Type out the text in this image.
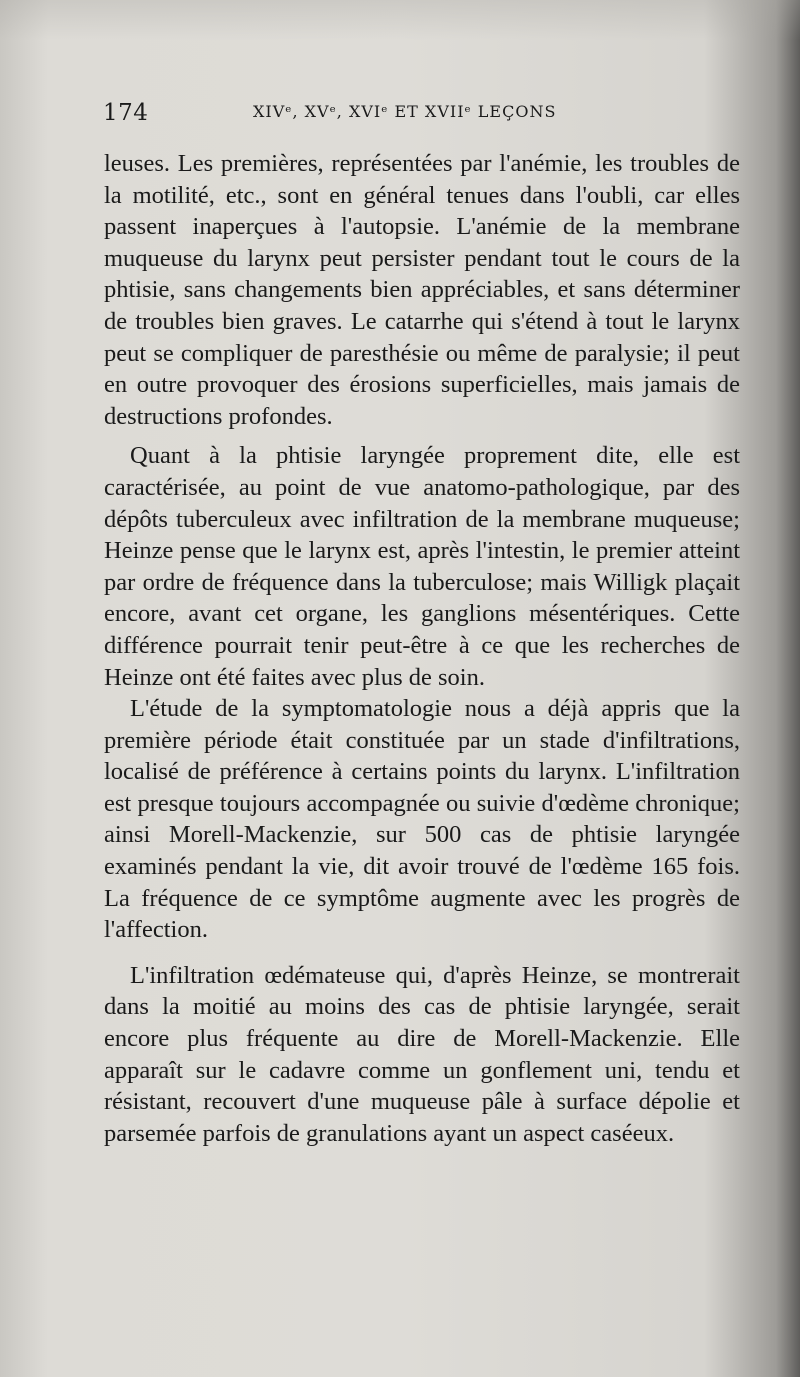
174	XIVᵉ, XVᵉ, XVIᵉ ET XVIIᵉ LEÇONS

leuses. Les premières, représentées par l'anémie, les troubles de la motilité, etc., sont en général tenues dans l'oubli, car elles passent inaperçues à l'autopsie. L'anémie de la membrane muqueuse du larynx peut persister pendant tout le cours de la phtisie, sans changements bien appréciables, et sans déterminer de troubles bien graves. Le catarrhe qui s'étend à tout le larynx peut se compliquer de paresthésie ou même de paralysie; il peut en outre provoquer des érosions superficielles, mais jamais de destructions profondes.

Quant à la phtisie laryngée proprement dite, elle est caractérisée, au point de vue anatomo-pathologique, par des dépôts tuberculeux avec infiltration de la membrane muqueuse; Heinze pense que le larynx est, après l'intestin, le premier atteint par ordre de fréquence dans la tuberculose; mais Willigk plaçait encore, avant cet organe, les ganglions mésentériques. Cette différence pourrait tenir peut-être à ce que les recherches de Heinze ont été faites avec plus de soin.

L'étude de la symptomatologie nous a déjà appris que la première période était constituée par un stade d'infiltrations, localisé de préférence à certains points du larynx. L'infiltration est presque toujours accompagnée ou suivie d'œdème chronique; ainsi Morell-Mackenzie, sur 500 cas de phtisie laryngée examinés pendant la vie, dit avoir trouvé de l'œdème 165 fois. La fréquence de ce symptôme augmente avec les progrès de l'affection.

L'infiltration œdémateuse qui, d'après Heinze, se montrerait dans la moitié au moins des cas de phtisie laryngée, serait encore plus fréquente au dire de Morell-Mackenzie. Elle apparaît sur le cadavre comme un gonflement uni, tendu et résistant, recouvert d'une muqueuse pâle à surface dépolie et parsemée parfois de granulations ayant un aspect caséeux.
